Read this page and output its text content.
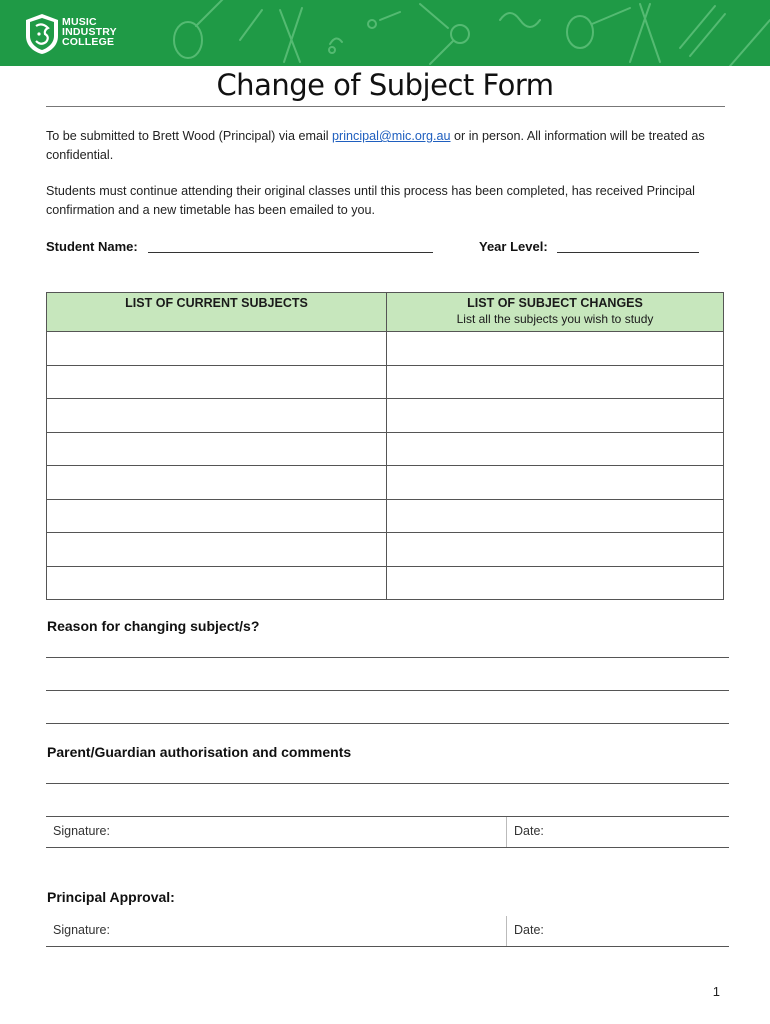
MUSIC
INDUSTRY
COLLEGE
Change of Subject Form
To be submitted to Brett Wood (Principal) via email principal@mic.org.au or in person. All information will be treated as confidential.
Students must continue attending their original classes until this process has been completed, has received Principal confirmation and a new timetable has been emailed to you.
Student Name:	Year Level:
LIST OF CURRENT SUBJECTS	LIST OF SUBJECT CHANGES
List all the subjects you wish to study

Reason for changing subject/s?
Parent/Guardian authorisation and comments
Signature:	Date:
Principal Approval:
Signature:	Date:
1
